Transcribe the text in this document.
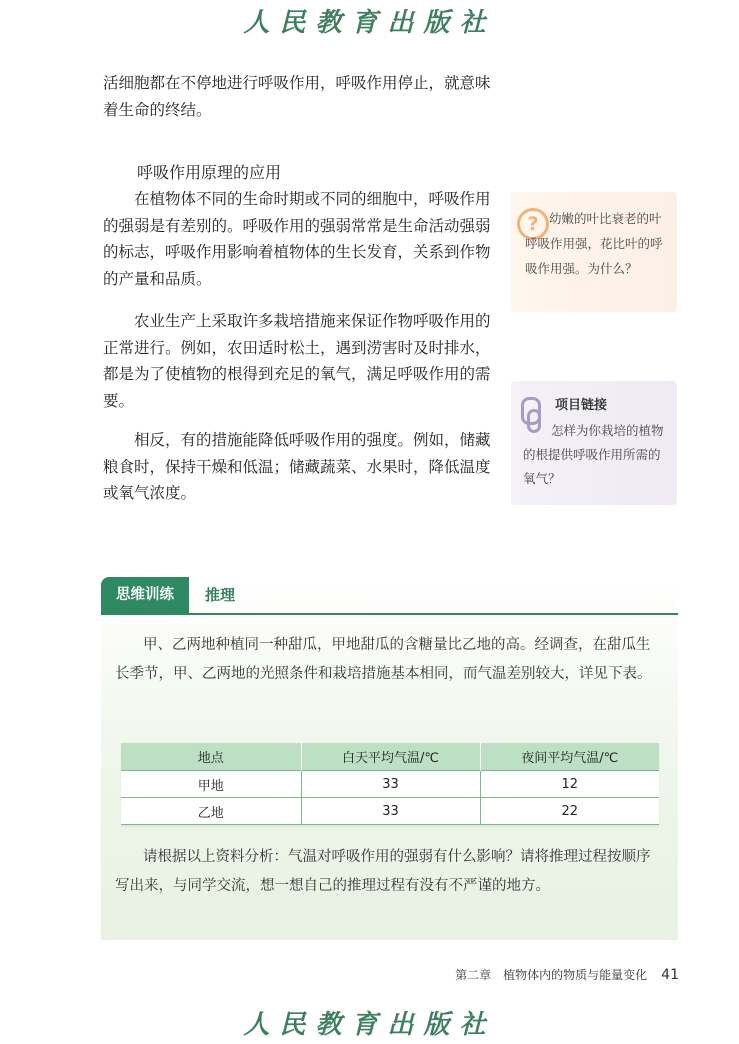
人民教育出版社

活细胞都在不停地进行呼吸作用，呼吸作用停止，就意味着生命的终结。

呼吸作用原理的应用

在植物体不同的生命时期或不同的细胞中，呼吸作用的强弱是有差别的。呼吸作用的强弱常常是生命活动强弱的标志，呼吸作用影响着植物体的生长发育，关系到作物的产量和品质。

农业生产上采取许多栽培措施来保证作物呼吸作用的正常进行。例如，农田适时松土，遇到涝害时及时排水，都是为了使植物的根得到充足的氧气，满足呼吸作用的需要。

相反，有的措施能降低呼吸作用的强度。例如，储藏粮食时，保持干燥和低温；储藏蔬菜、水果时，降低温度或氧气浓度。

? 幼嫩的叶比衰老的叶呼吸作用强，花比叶的呼吸作用强。为什么？
项目链接
怎样为你栽培的植物的根提供呼吸作用所需的氧气？
思维训练	推理

甲、乙两地种植同一种甜瓜，甲地甜瓜的含糖量比乙地的高。经调查，在甜瓜生长季节，甲、乙两地的光照条件和栽培措施基本相同，而气温差别较大，详见下表。

地点	白天平均气温/℃	夜间平均气温/℃
甲地	33	12
乙地	33	22

请根据以上资料分析：气温对呼吸作用的强弱有什么影响？请将推理过程按顺序写出来，与同学交流，想一想自己的推理过程有没有不严谨的地方。

第二章　植物体内的物质与能量变化 41
人民教育出版社
